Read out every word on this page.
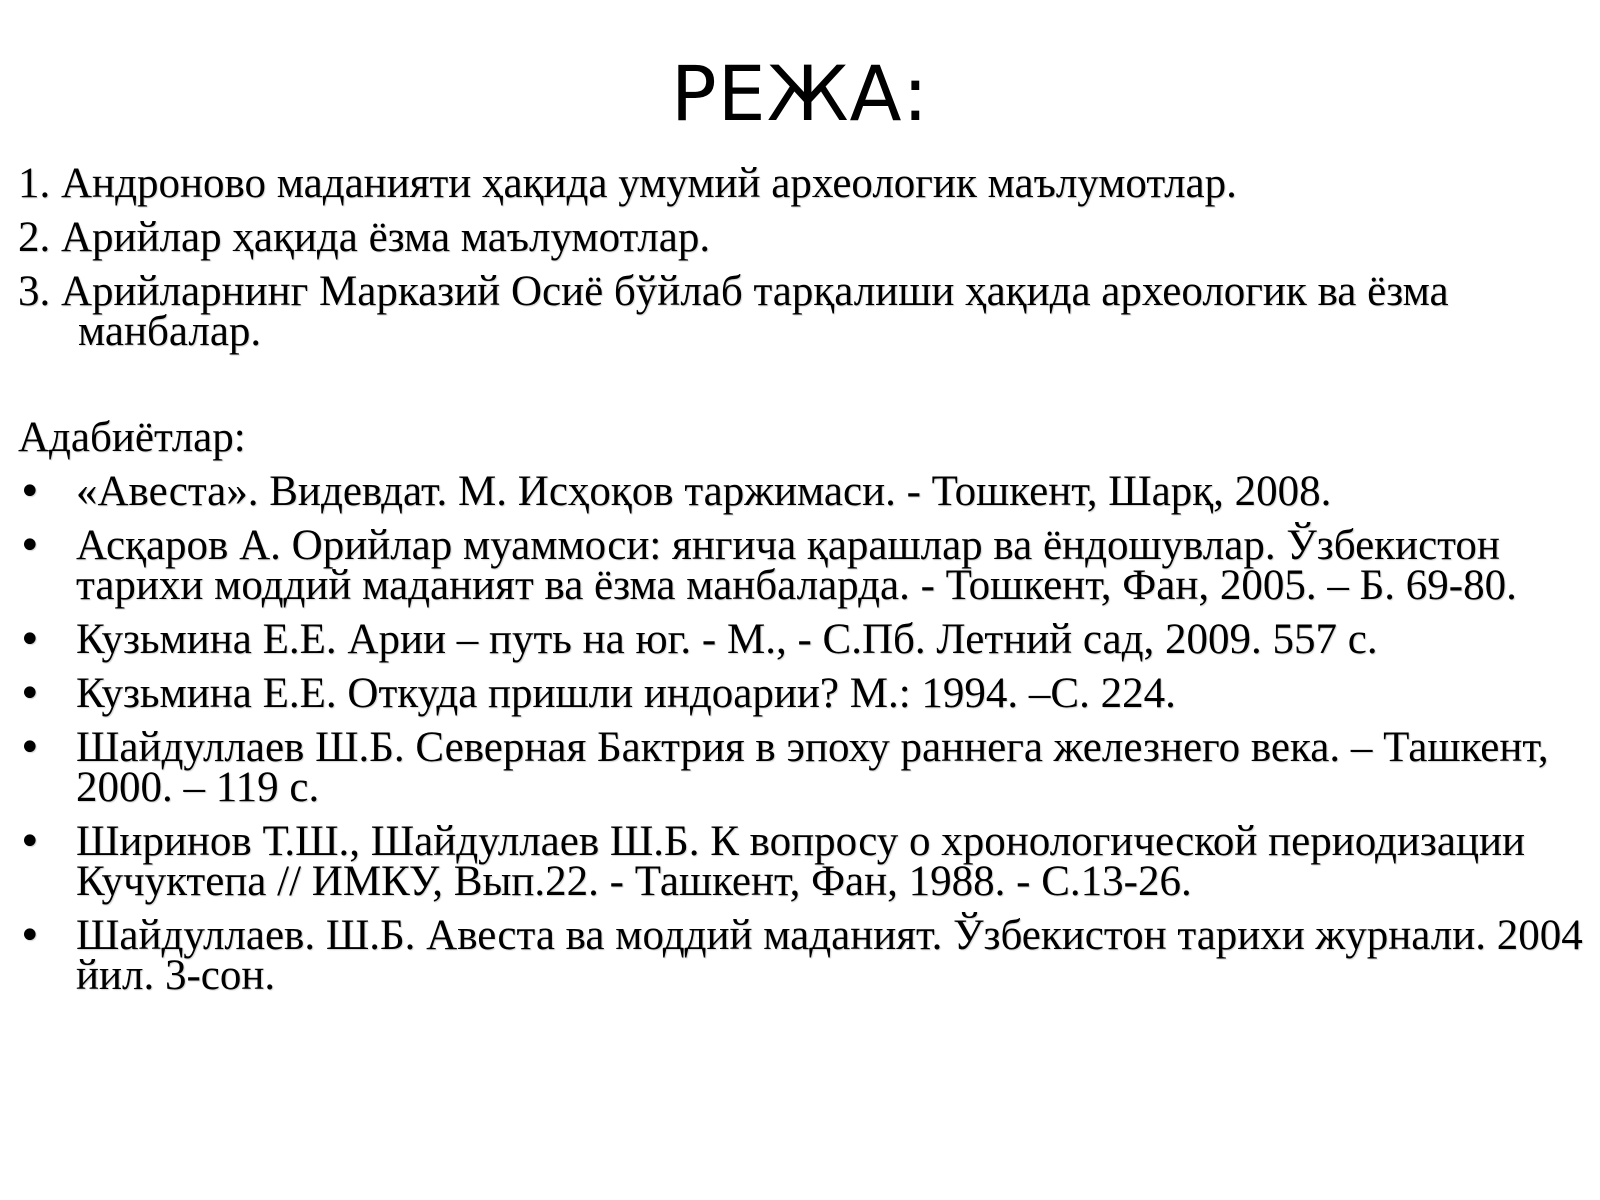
РЕЖА:
1. Андроново маданияти ҳақида умумий археологик маълумотлар.
2. Арийлар ҳақида ёзма маълумотлар.
3. Арийларнинг Марказий Осиё бўйлаб тарқалиши ҳақида археологик ва ёзма манбалар.
Адабиётлар:
• «Авеста». Видевдат. М. Исҳоқов таржимаси. - Тошкент, Шарқ, 2008.
• Асқаров А. Орийлар муаммоси: янгича қарашлар ва ёндошувлар. Ўзбекистон тарихи моддий маданият ва ёзма манбаларда. - Тошкент, Фан, 2005. – Б. 69-80.
• Кузьмина Е.Е. Арии – путь на юг. - М., - С.Пб. Летний сад, 2009. 557 с.
• Кузьмина Е.Е. Откуда пришли индоарии? М.: 1994. –С. 224.
• Шайдуллаев Ш.Б. Северная Бактрия в эпоху раннега железнего века. – Ташкент, 2000. – 119 с.
• Ширинов Т.Ш., Шайдуллаев Ш.Б. К вопросу о хронологической периодизации Кучуктепа // ИМКУ, Вып.22. - Ташкент, Фан, 1988. - С.13-26.
• Шайдуллаев. Ш.Б. Авеста ва моддий маданият. Ўзбекистон тарихи журнали. 2004 йил. 3-сон.
